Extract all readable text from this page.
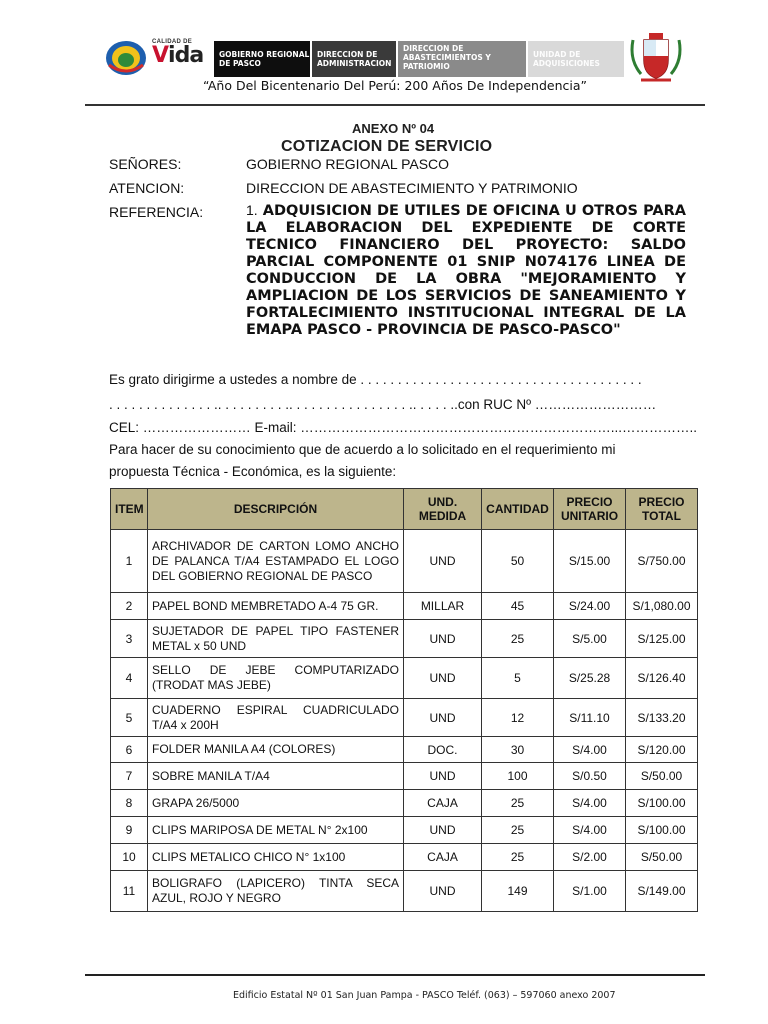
CALIDAD DE
Vida	GOBIERNO REGIONAL DE PASCO
DIRECCION DE ADMINISTRACION
DIRECCION DE ABASTECIMIENTOS Y PATRIOMIO
UNIDAD DE ADQUISICIONES
“Año Del Bicentenario Del Perú: 200 Años De Independencia”
ANEXO Nº 04
COTIZACION DE SERVICIO
SEÑORES:	GOBIERNO REGIONAL PASCO
ATENCION:	DIRECCION DE ABASTECIMIENTO Y PATRIMONIO
REFERENCIA:	1. ADQUISICION DE UTILES DE OFICINA U OTROS PARA LA ELABORACION DEL EXPEDIENTE DE CORTE TECNICO FINANCIERO DEL PROYECTO: SALDO PARCIAL COMPONENTE 01 SNIP N074176 LINEA DE CONDUCCION DE LA OBRA "MEJORAMIENTO Y AMPLIACION DE LOS SERVICIOS DE SANEAMIENTO Y FORTALECIMIENTO INSTITUCIONAL INTEGRAL DE LA EMAPA PASCO - PROVINCIA DE PASCO-PASCO"
Es grato dirigirme a ustedes a nombre de . . . . . . . . . . . . . . . . . . . . . . . . . . . . . . . . . . . . . .
. . . . . . . . . . . . . . .. . . . . . . . . .. . . . . . . . . . . . . . . . .. . . . . ..con RUC Nº ………………………
CEL: …………………… E-mail: ……………………………………………………………...……………..
Para hacer de su conocimiento que de acuerdo a lo solicitado en el requerimiento mi
propuesta Técnica - Económica, es la siguiente:
ITEM	DESCRIPCIÓN	UND. MEDIDA	CANTIDAD	PRECIO UNITARIO	PRECIO TOTAL
1	ARCHIVADOR DE CARTON LOMO ANCHO DE PALANCA T/A4 ESTAMPADO EL LOGO DEL GOBIERNO REGIONAL DE PASCO	UND	50	S/15.00	S/750.00
2	PAPEL BOND MEMBRETADO A-4 75 GR.	MILLAR	45	S/24.00	S/1,080.00
3	SUJETADOR DE PAPEL TIPO FASTENER METAL x 50 UND	UND	25	S/5.00	S/125.00
4	SELLO DE JEBE COMPUTARIZADO (TRODAT MAS JEBE)	UND	5	S/25.28	S/126.40
5	CUADERNO ESPIRAL CUADRICULADO T/A4 x 200H	UND	12	S/11.10	S/133.20
6	FOLDER MANILA A4 (COLORES)	DOC.	30	S/4.00	S/120.00
7	SOBRE MANILA T/A4	UND	100	S/0.50	S/50.00
8	GRAPA 26/5000	CAJA	25	S/4.00	S/100.00
9	CLIPS MARIPOSA DE METAL N° 2x100	UND	25	S/4.00	S/100.00
10	CLIPS METALICO CHICO N° 1x100	CAJA	25	S/2.00	S/50.00
11	BOLIGRAFO (LAPICERO) TINTA SECA AZUL, ROJO Y NEGRO	UND	149	S/1.00	S/149.00
Edificio Estatal Nº 01 San Juan Pampa - PASCO Teléf. (063) – 597060 anexo 2007
